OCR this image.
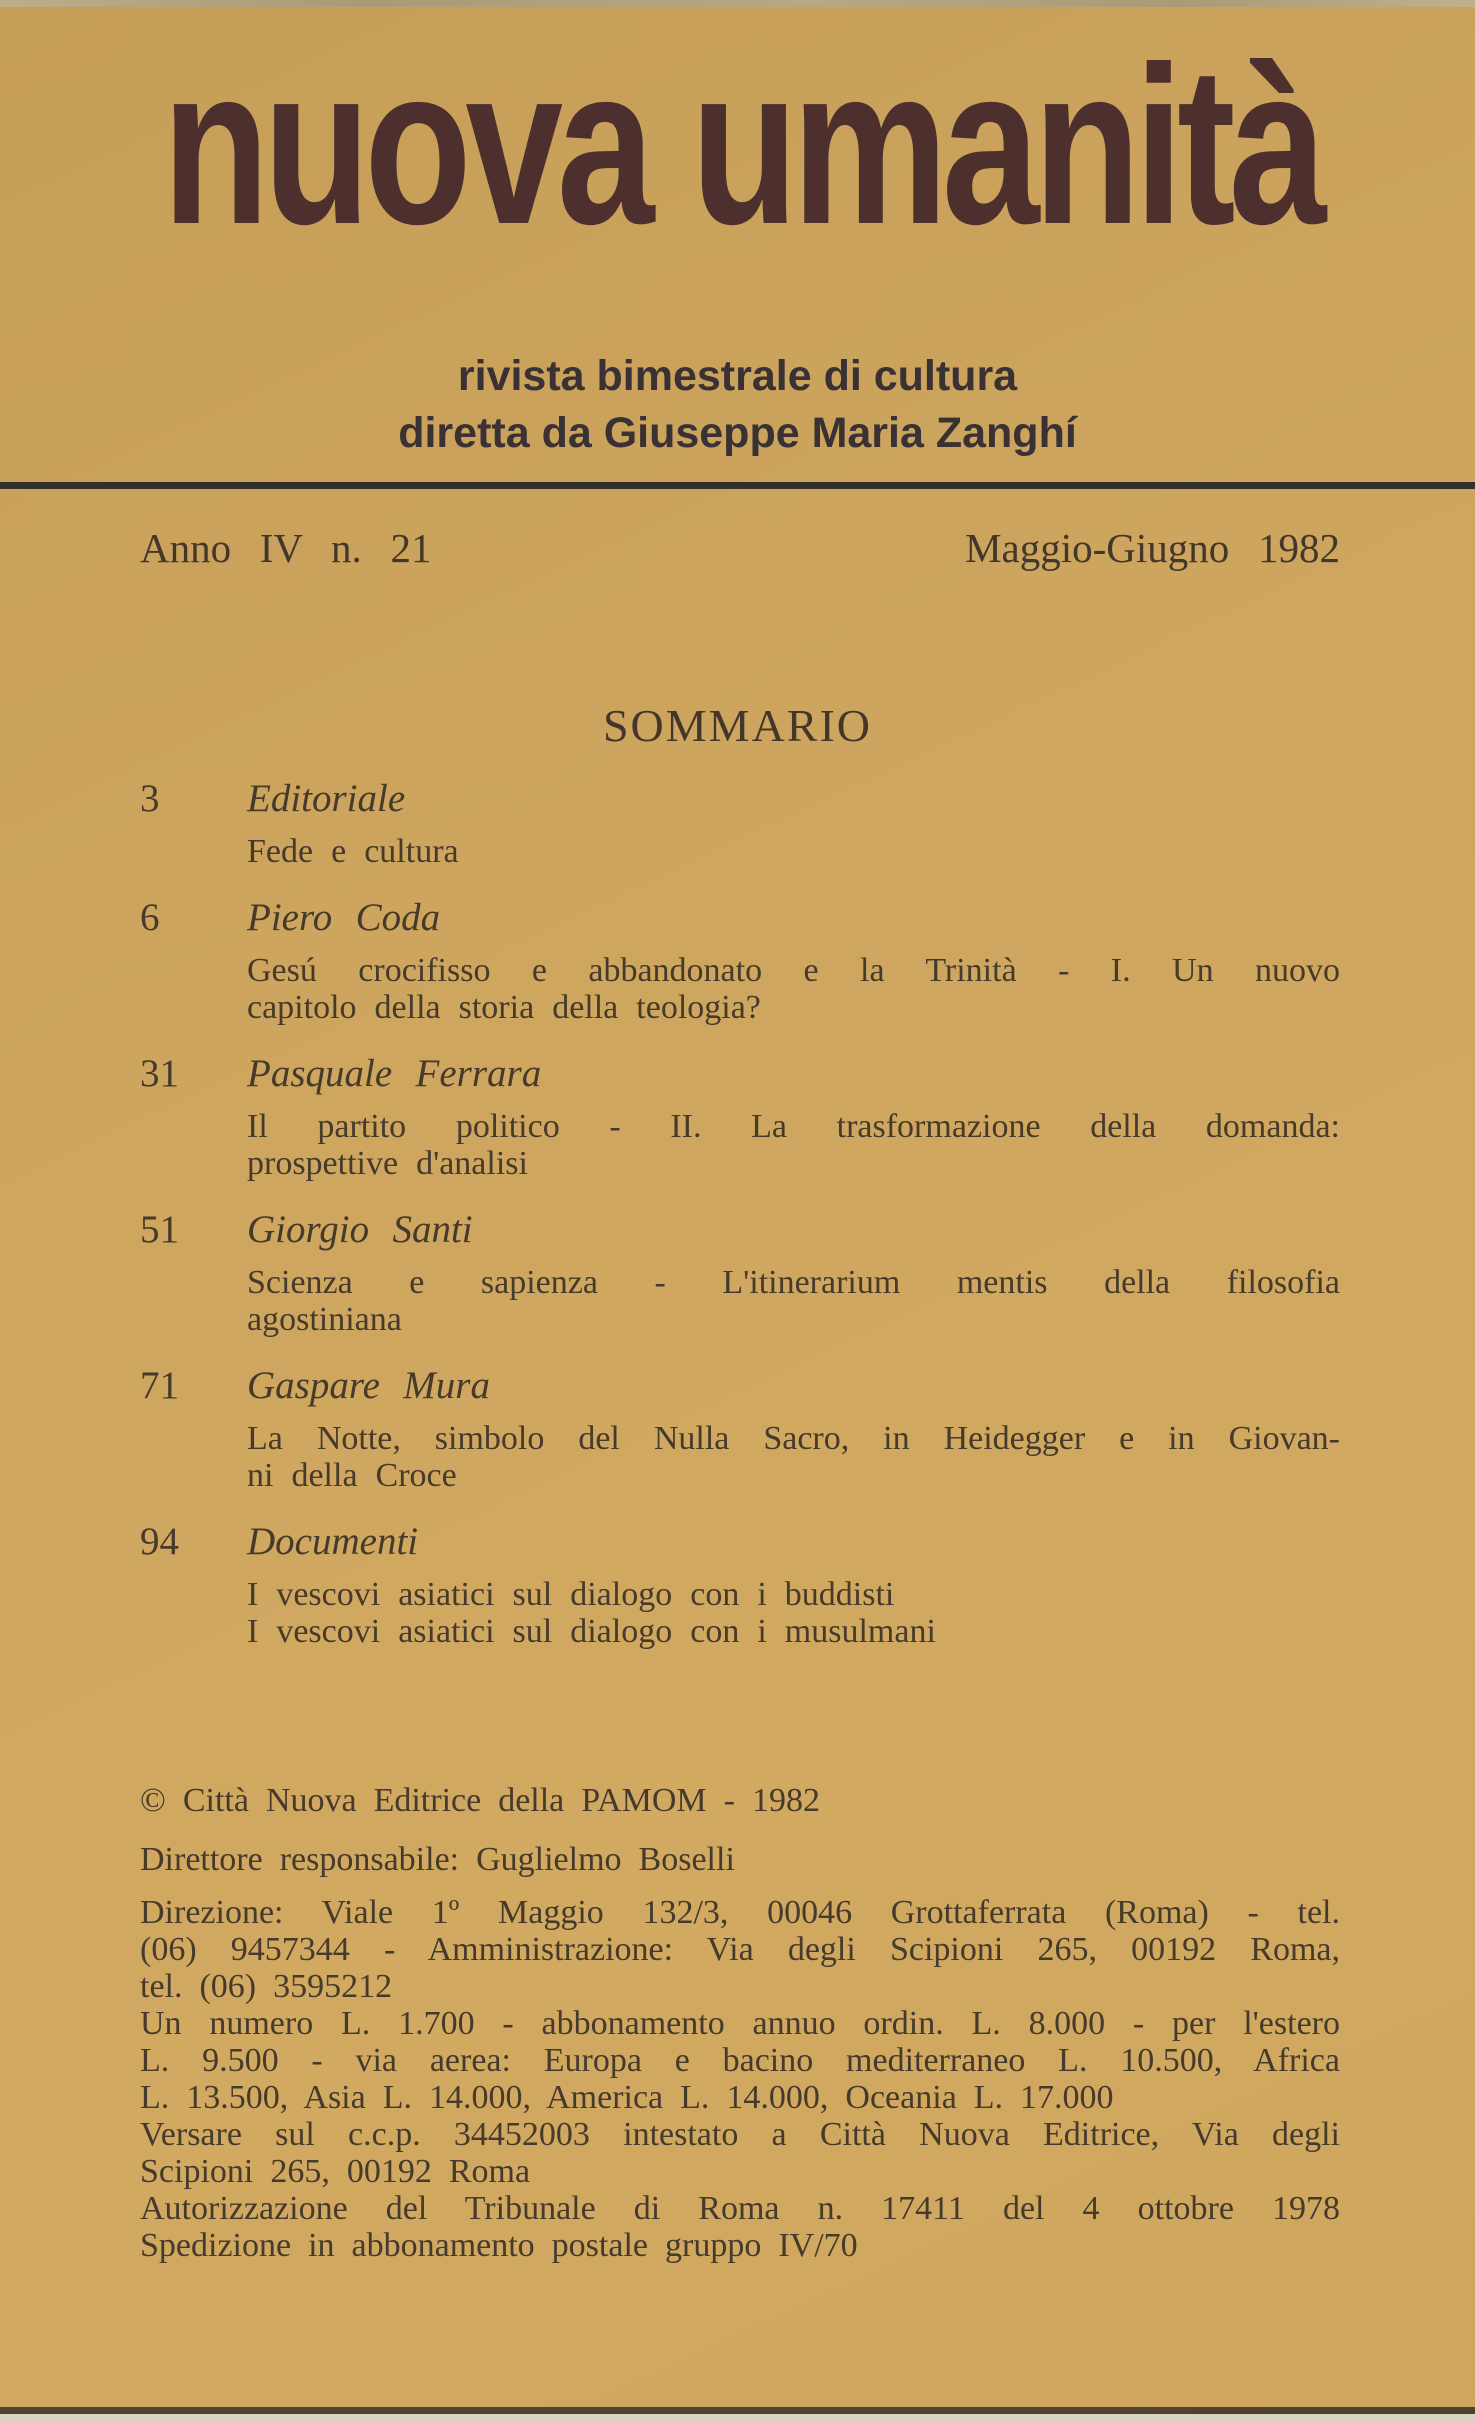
nuova umanità
rivista bimestrale di cultura
diretta da Giuseppe Maria Zanghí
Anno IV n. 21	Maggio-Giugno 1982
SOMMARIO
3	Editoriale
Fede e cultura
6	Piero Coda
Gesú crocifisso e abbandonato e la Trinità - I. Un nuovo
capitolo della storia della teologia?
31	Pasquale Ferrara
Il partito politico - II. La trasformazione della domanda:
prospettive d'analisi
51	Giorgio Santi
Scienza e sapienza - L'itinerarium mentis della filosofia
agostiniana
71	Gaspare Mura
La Notte, simbolo del Nulla Sacro, in Heidegger e in Giovan-
ni della Croce
94	Documenti
I vescovi asiatici sul dialogo con i buddisti
I vescovi asiatici sul dialogo con i musulmani
© Città Nuova Editrice della PAMOM - 1982
Direttore responsabile: Guglielmo Boselli
Direzione: Viale 1º Maggio 132/3, 00046 Grottaferrata (Roma) - tel.
(06) 9457344 - Amministrazione: Via degli Scipioni 265, 00192 Roma,
tel. (06) 3595212
Un numero L. 1.700 - abbonamento annuo ordin. L. 8.000 - per l'estero
L. 9.500 - via aerea: Europa e bacino mediterraneo L. 10.500, Africa
L. 13.500, Asia L. 14.000, America L. 14.000, Oceania L. 17.000
Versare sul c.c.p. 34452003 intestato a Città Nuova Editrice, Via degli
Scipioni 265, 00192 Roma
Autorizzazione del Tribunale di Roma n. 17411 del 4 ottobre 1978
Spedizione in abbonamento postale gruppo IV/70
